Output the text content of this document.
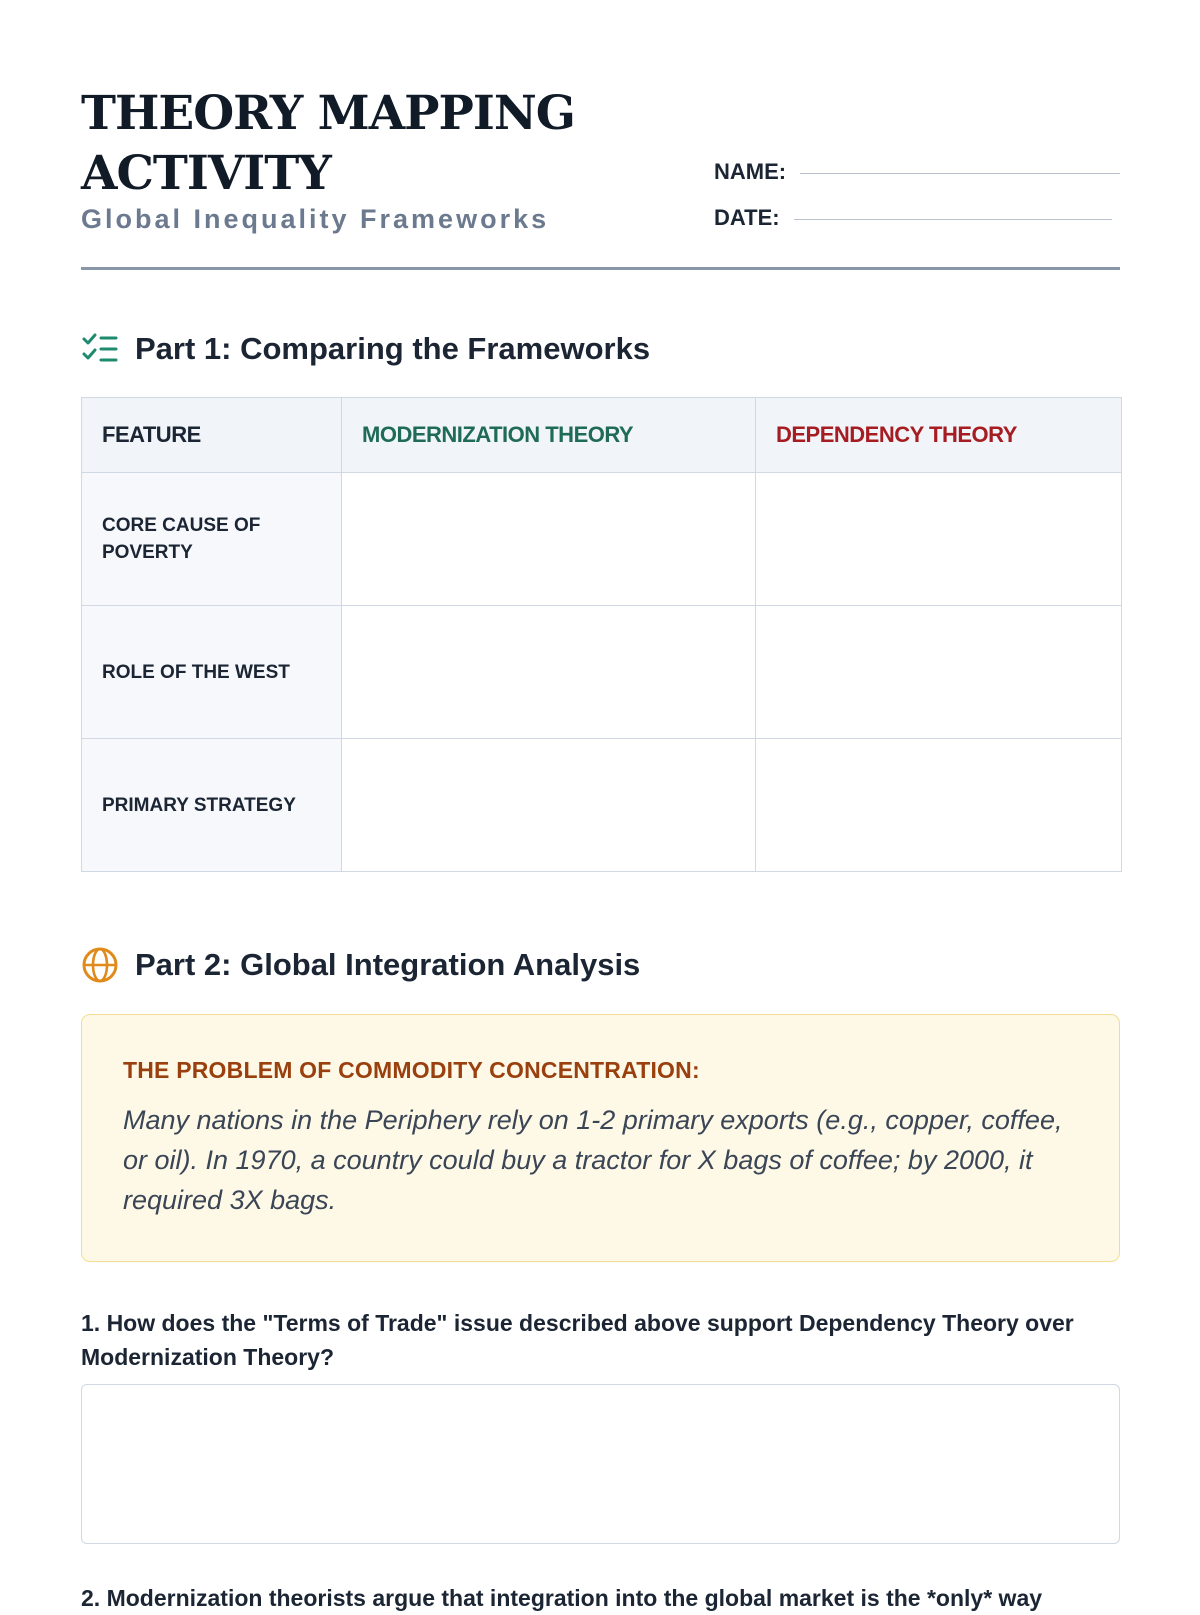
THEORY MAPPING
ACTIVITY
Global Inequality Frameworks
NAME:
DATE:
Part 1: Comparing the Frameworks
FEATURE	MODERNIZATION THEORY	DEPENDENCY THEORY
CORE CAUSE OF POVERTY		
ROLE OF THE WEST		
PRIMARY STRATEGY		
Part 2: Global Integration Analysis
THE PROBLEM OF COMMODITY CONCENTRATION:

Many nations in the Periphery rely on 1-2 primary exports (e.g., copper, coffee, or oil). In 1970, a country could buy a tractor for X bags of coffee; by 2000, it required 3X bags.

1. How does the "Terms of Trade" issue described above support Dependency Theory over Modernization Theory?

2. Modernization theorists argue that integration into the global market is the *only* way
